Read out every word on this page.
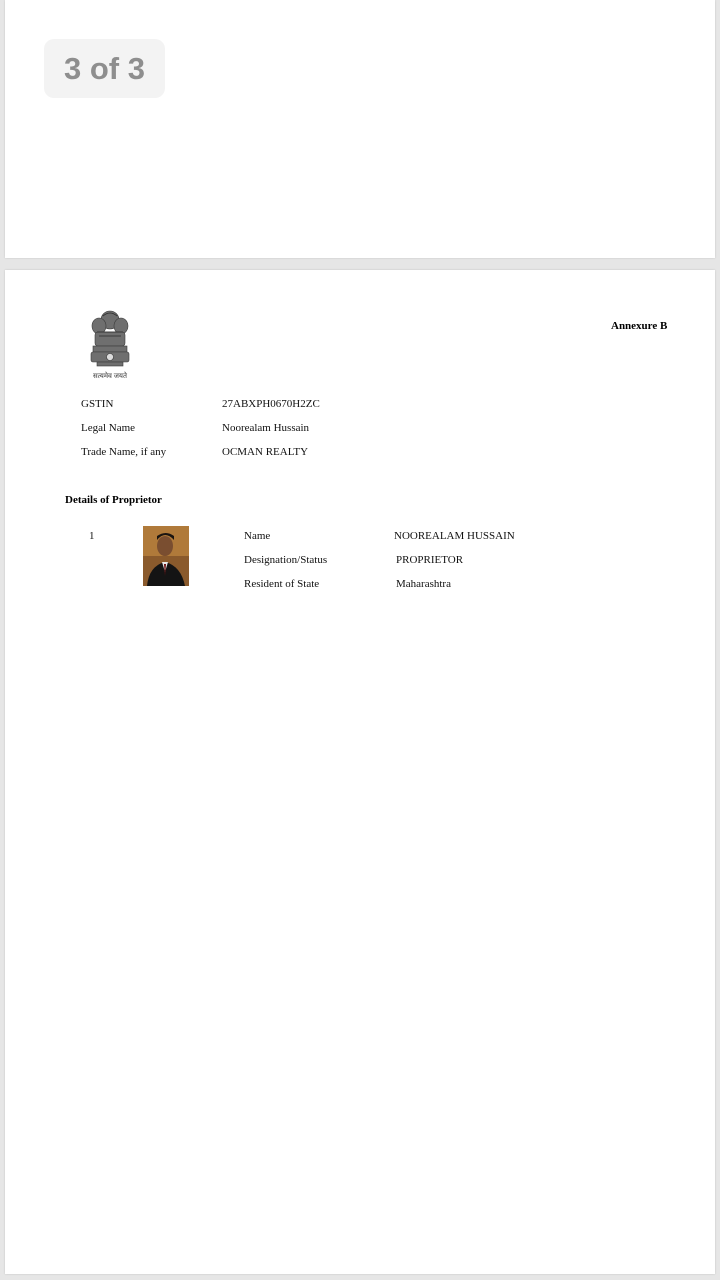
3 of 3
सत्यमेव जयते
Annexure B
GSTIN	27ABXPH0670H2ZC
Legal Name	Noorealam Hussain
Trade Name, if any	OCMAN REALTY
Details of Proprietor
1	Name	NOOREALAM HUSSAIN
Designation/Status	PROPRIETOR
Resident of State	Maharashtra
